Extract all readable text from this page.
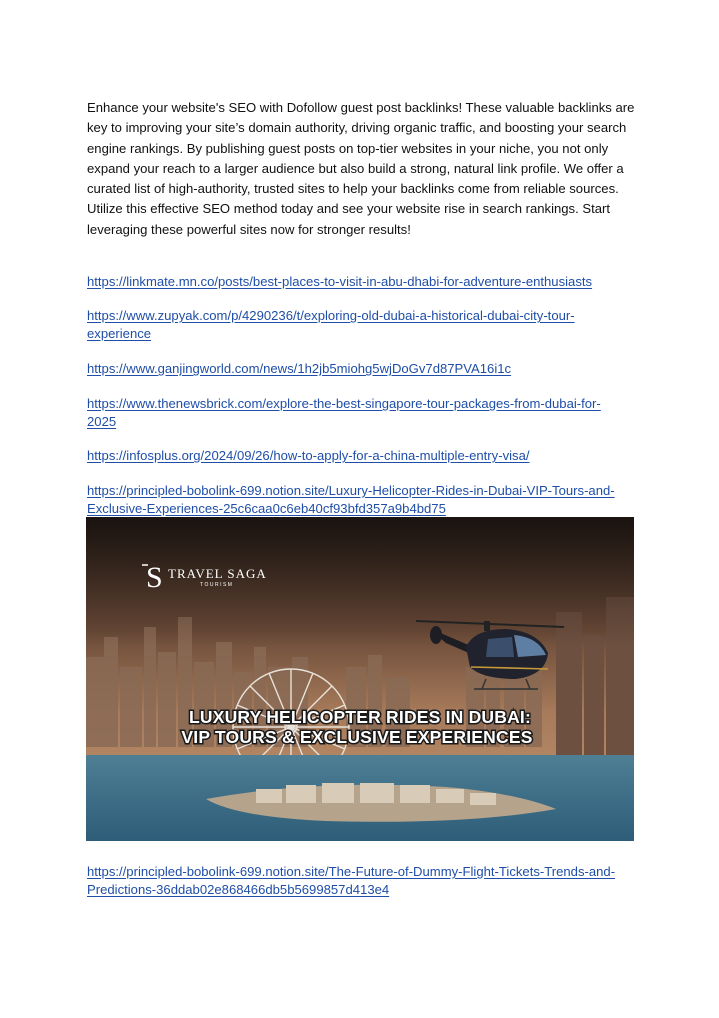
Enhance your website's SEO with Dofollow guest post backlinks! These valuable backlinks are key to improving your site’s domain authority, driving organic traffic, and boosting your search engine rankings. By publishing guest posts on top-tier websites in your niche, you not only expand your reach to a larger audience but also build a strong, natural link profile. We offer a curated list of high-authority, trusted sites to help your backlinks come from reliable sources. Utilize this effective SEO method today and see your website rise in search rankings. Start leveraging these powerful sites now for stronger results!

https://linkmate.mn.co/posts/best-places-to-visit-in-abu-dhabi-for-adventure-enthusiasts
https://www.zupyak.com/p/4290236/t/exploring-old-dubai-a-historical-dubai-city-tour-
experience
https://www.ganjingworld.com/news/1h2jb5miohg5wjDoGv7d87PVA16i1c
https://www.thenewsbrick.com/explore-the-best-singapore-tour-packages-from-dubai-for-
2025
https://infosplus.org/2024/09/26/how-to-apply-for-a-china-multiple-entry-visa/
https://principled-bobolink-699.notion.site/Luxury-Helicopter-Rides-in-Dubai-VIP-Tours-and-
Exclusive-Experiences-25c6caa0c6eb40cf93bfd357a9b4bd75
S TRAVEL SAGA
TOURISM
LUXURY HELICOPTER RIDES IN DUBAI:
VIP TOURS & EXCLUSIVE EXPERIENCES
https://principled-bobolink-699.notion.site/The-Future-of-Dummy-Flight-Tickets-Trends-and-
Predictions-36ddab02e868466db5b5699857d413e4
